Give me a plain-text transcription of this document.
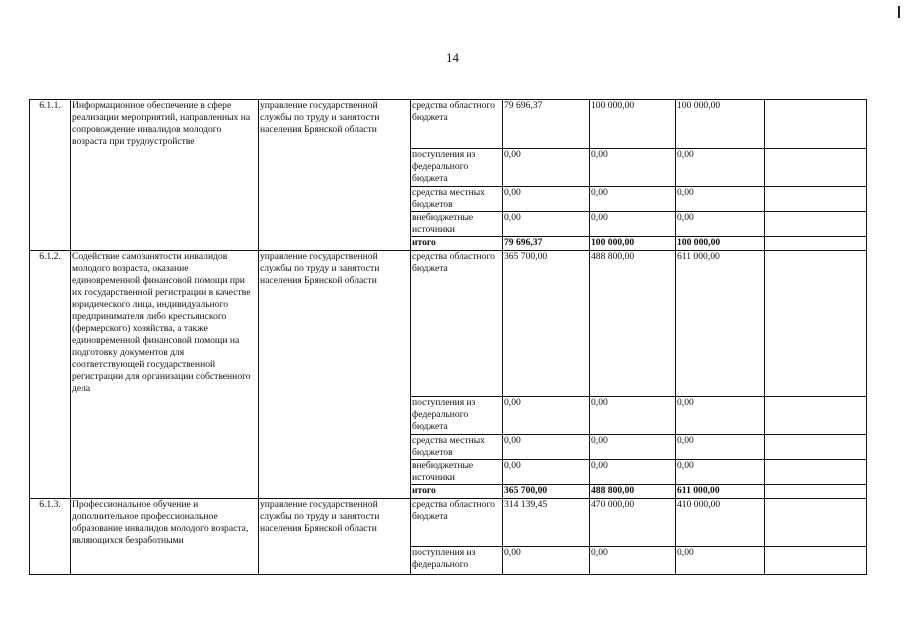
14
6.1.1.	Информационное обеспечение в сфере реализации мероприятий, направленных на сопровождение инвалидов молодого возраста при трудоустройстве	управление государственной службы по труду и занятости населения Брянской области	средства областного бюджета	79 696,37	100 000,00	100 000,00	
			поступления из федерального бюджета	0,00	0,00	0,00	
			средства местных бюджетов	0,00	0,00	0,00	
			внебюджетные источники	0,00	0,00	0,00	
			итого	79 696,37	100 000,00	100 000,00	
6.1.2.	Содействие самозанятости инвалидов молодого возраста, оказание единовременной финансовой помощи при их государственной регистрации в качестве юридического лица, индивидуального предпринимателя либо крестьянского (фермерского) хозяйства, а также единовременной финансовой помощи на подготовку документов для соответствующей государственной регистрации для организации собственного дела	управление государственной службы по труду и занятости населения Брянской области	средства областного бюджета	365 700,00	488 800,00	611 000,00	
			поступления из федерального бюджета	0,00	0,00	0,00	
			средства местных бюджетов	0,00	0,00	0,00	
			внебюджетные источники	0,00	0,00	0,00	
			итого	365 700,00	488 800,00	611 000,00	
6.1.3.	Профессиональное обучение и дополнительное профессиональное образование инвалидов молодого возраста, являющихся безработными	управление государственной службы по труду и занятости населения Брянской области	средства областного бюджета	314 139,45	470 000,00	410 000,00	
			поступления из федерального	0,00	0,00	0,00	
